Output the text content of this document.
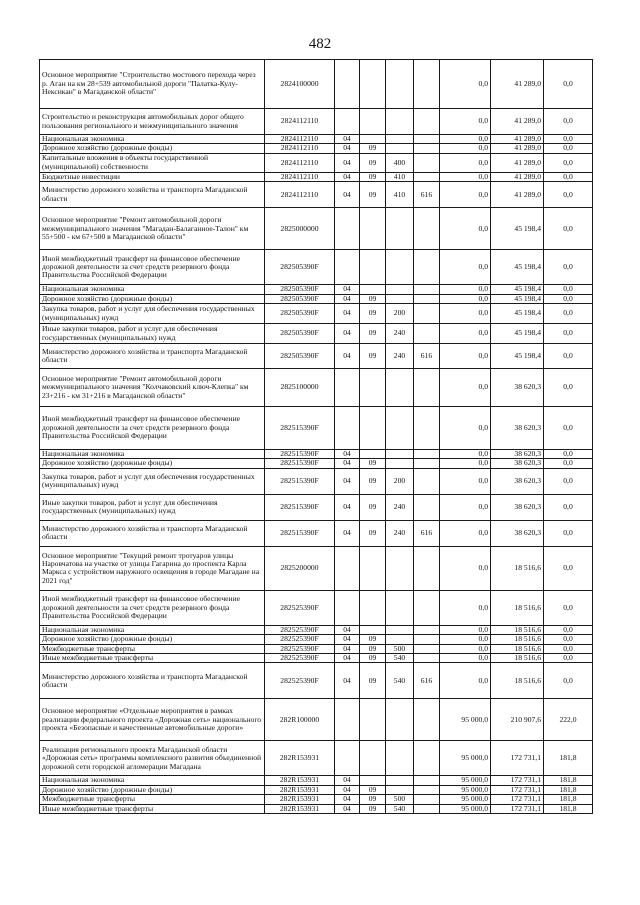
482
Основное мероприятие "Строительство мостового перехода через р. Аган на км 28+539 автомобильной дороги "Палатка-Кулу-Нексикан" в Магаданской области"	2824100000					0,0	41 289,0	0,0
Строительство и реконструкция автомобильных дорог общего пользования регионального и межмуниципального значения	2824112110					0,0	41 289,0	0,0
Национальная экономика	2824112110	04				0,0	41 289,0	0,0
Дорожное хозяйство (дорожные фонды)	2824112110	04	09			0,0	41 289,0	0,0
Капитальные вложения в объекты государственной (муниципальной) собственности	2824112110	04	09	400		0,0	41 289,0	0,0
Бюджетные инвестиции	2824112110	04	09	410		0,0	41 289,0	0,0
Министерство дорожного хозяйства и транспорта Магаданской области	2824112110	04	09	410	616	0,0	41 289,0	0,0
Основное мероприятие "Ремонт автомобильной дороги межмуниципального значения "Магадан-Балаганное-Талон" км 55+500 - км 67+500 в Магаданской области"	2825000000					0,0	45 198,4	0,0
Иной межбюджетный трансферт на финансовое обеспечение дорожной деятельности за счет средств резервного фонда Правительства Российской Федерации	282505390F					0,0	45 198,4	0,0
Национальная экономика	282505390F	04				0,0	45 198,4	0,0
Дорожное хозяйство (дорожные фонды)	282505390F	04	09			0,0	45 198,4	0,0
Закупка товаров, работ и услуг для обеспечения государственных (муниципальных) нужд	282505390F	04	09	200		0,0	45 198,4	0,0
Иные закупки товаров, работ и услуг для обеспечения государственных (муниципальных) нужд	282505390F	04	09	240		0,0	45 198,4	0,0
Министерство дорожного хозяйства и транспорта Магаданской области	282505390F	04	09	240	616	0,0	45 198,4	0,0
Основное мероприятие "Ремонт автомобильной дороги межмуниципального значения "Колчаковский ключ-Клепка" км 23+216 - км 31+216 в Магаданской области"	2825100000					0,0	38 620,3	0,0
Иной межбюджетный трансферт на финансовое обеспечение дорожной деятельности за счет средств резервного фонда Правительства Российской Федерации	282515390F					0,0	38 620,3	0,0
Национальная экономика	282515390F	04				0,0	38 620,3	0,0
Дорожное хозяйство (дорожные фонды)	282515390F	04	09			0,0	38 620,3	0,0
Закупка товаров, работ и услуг для обеспечения государственных (муниципальных) нужд	282515390F	04	09	200		0,0	38 620,3	0,0
Иные закупки товаров, работ и услуг для обеспечения государственных (муниципальных) нужд	282515390F	04	09	240		0,0	38 620,3	0,0
Министерство дорожного хозяйства и транспорта Магаданской области	282515390F	04	09	240	616	0,0	38 620,3	0,0
Основное мероприятие "Текущий ремонт тротуаров улицы Наровчатова на участке от улицы Гагарина до проспекта Карла Маркса с устройством наружного освещения в городе Магадане на 2021 год"	2825200000					0,0	18 516,6	0,0
Иной межбюджетный трансферт на финансовое обеспечение дорожной деятельности за счет средств резервного фонда Правительства Российской Федерации	282525390F					0,0	18 516,6	0,0
Национальная экономика	282525390F	04				0,0	18 516,6	0,0
Дорожное хозяйство (дорожные фонды)	282525390F	04	09			0,0	18 516,6	0,0
Межбюджетные трансферты	282525390F	04	09	500		0,0	18 516,6	0,0
Иные межбюджетные трансферты	282525390F	04	09	540		0,0	18 516,6	0,0
Министерство дорожного хозяйства и транспорта Магаданской области	282525390F	04	09	540	616	0,0	18 516,6	0,0
Основное мероприятие «Отдельные мероприятия в рамках реализации федерального проекта «Дорожная сеть» национального проекта «Безопасные и качественные автомобильные дороги»	282R100000					95 000,0	210 907,6	222,0
Реализация регионального проекта Магаданской области «Дорожная сеть» программы комплексного развития объединенной дорожной сети городской агломерации Магадана	282R153931					95 000,0	172 731,1	181,8
Национальная экономика	282R153931	04				95 000,0	172 731,1	181,8
Дорожное хозяйство (дорожные фонды)	282R153931	04	09			95 000,0	172 731,1	181,8
Межбюджетные трансферты	282R153931	04	09	500		95 000,0	172 731,1	181,8
Иные межбюджетные трансферты	282R153931	04	09	540		95 000,0	172 731,1	181,8
